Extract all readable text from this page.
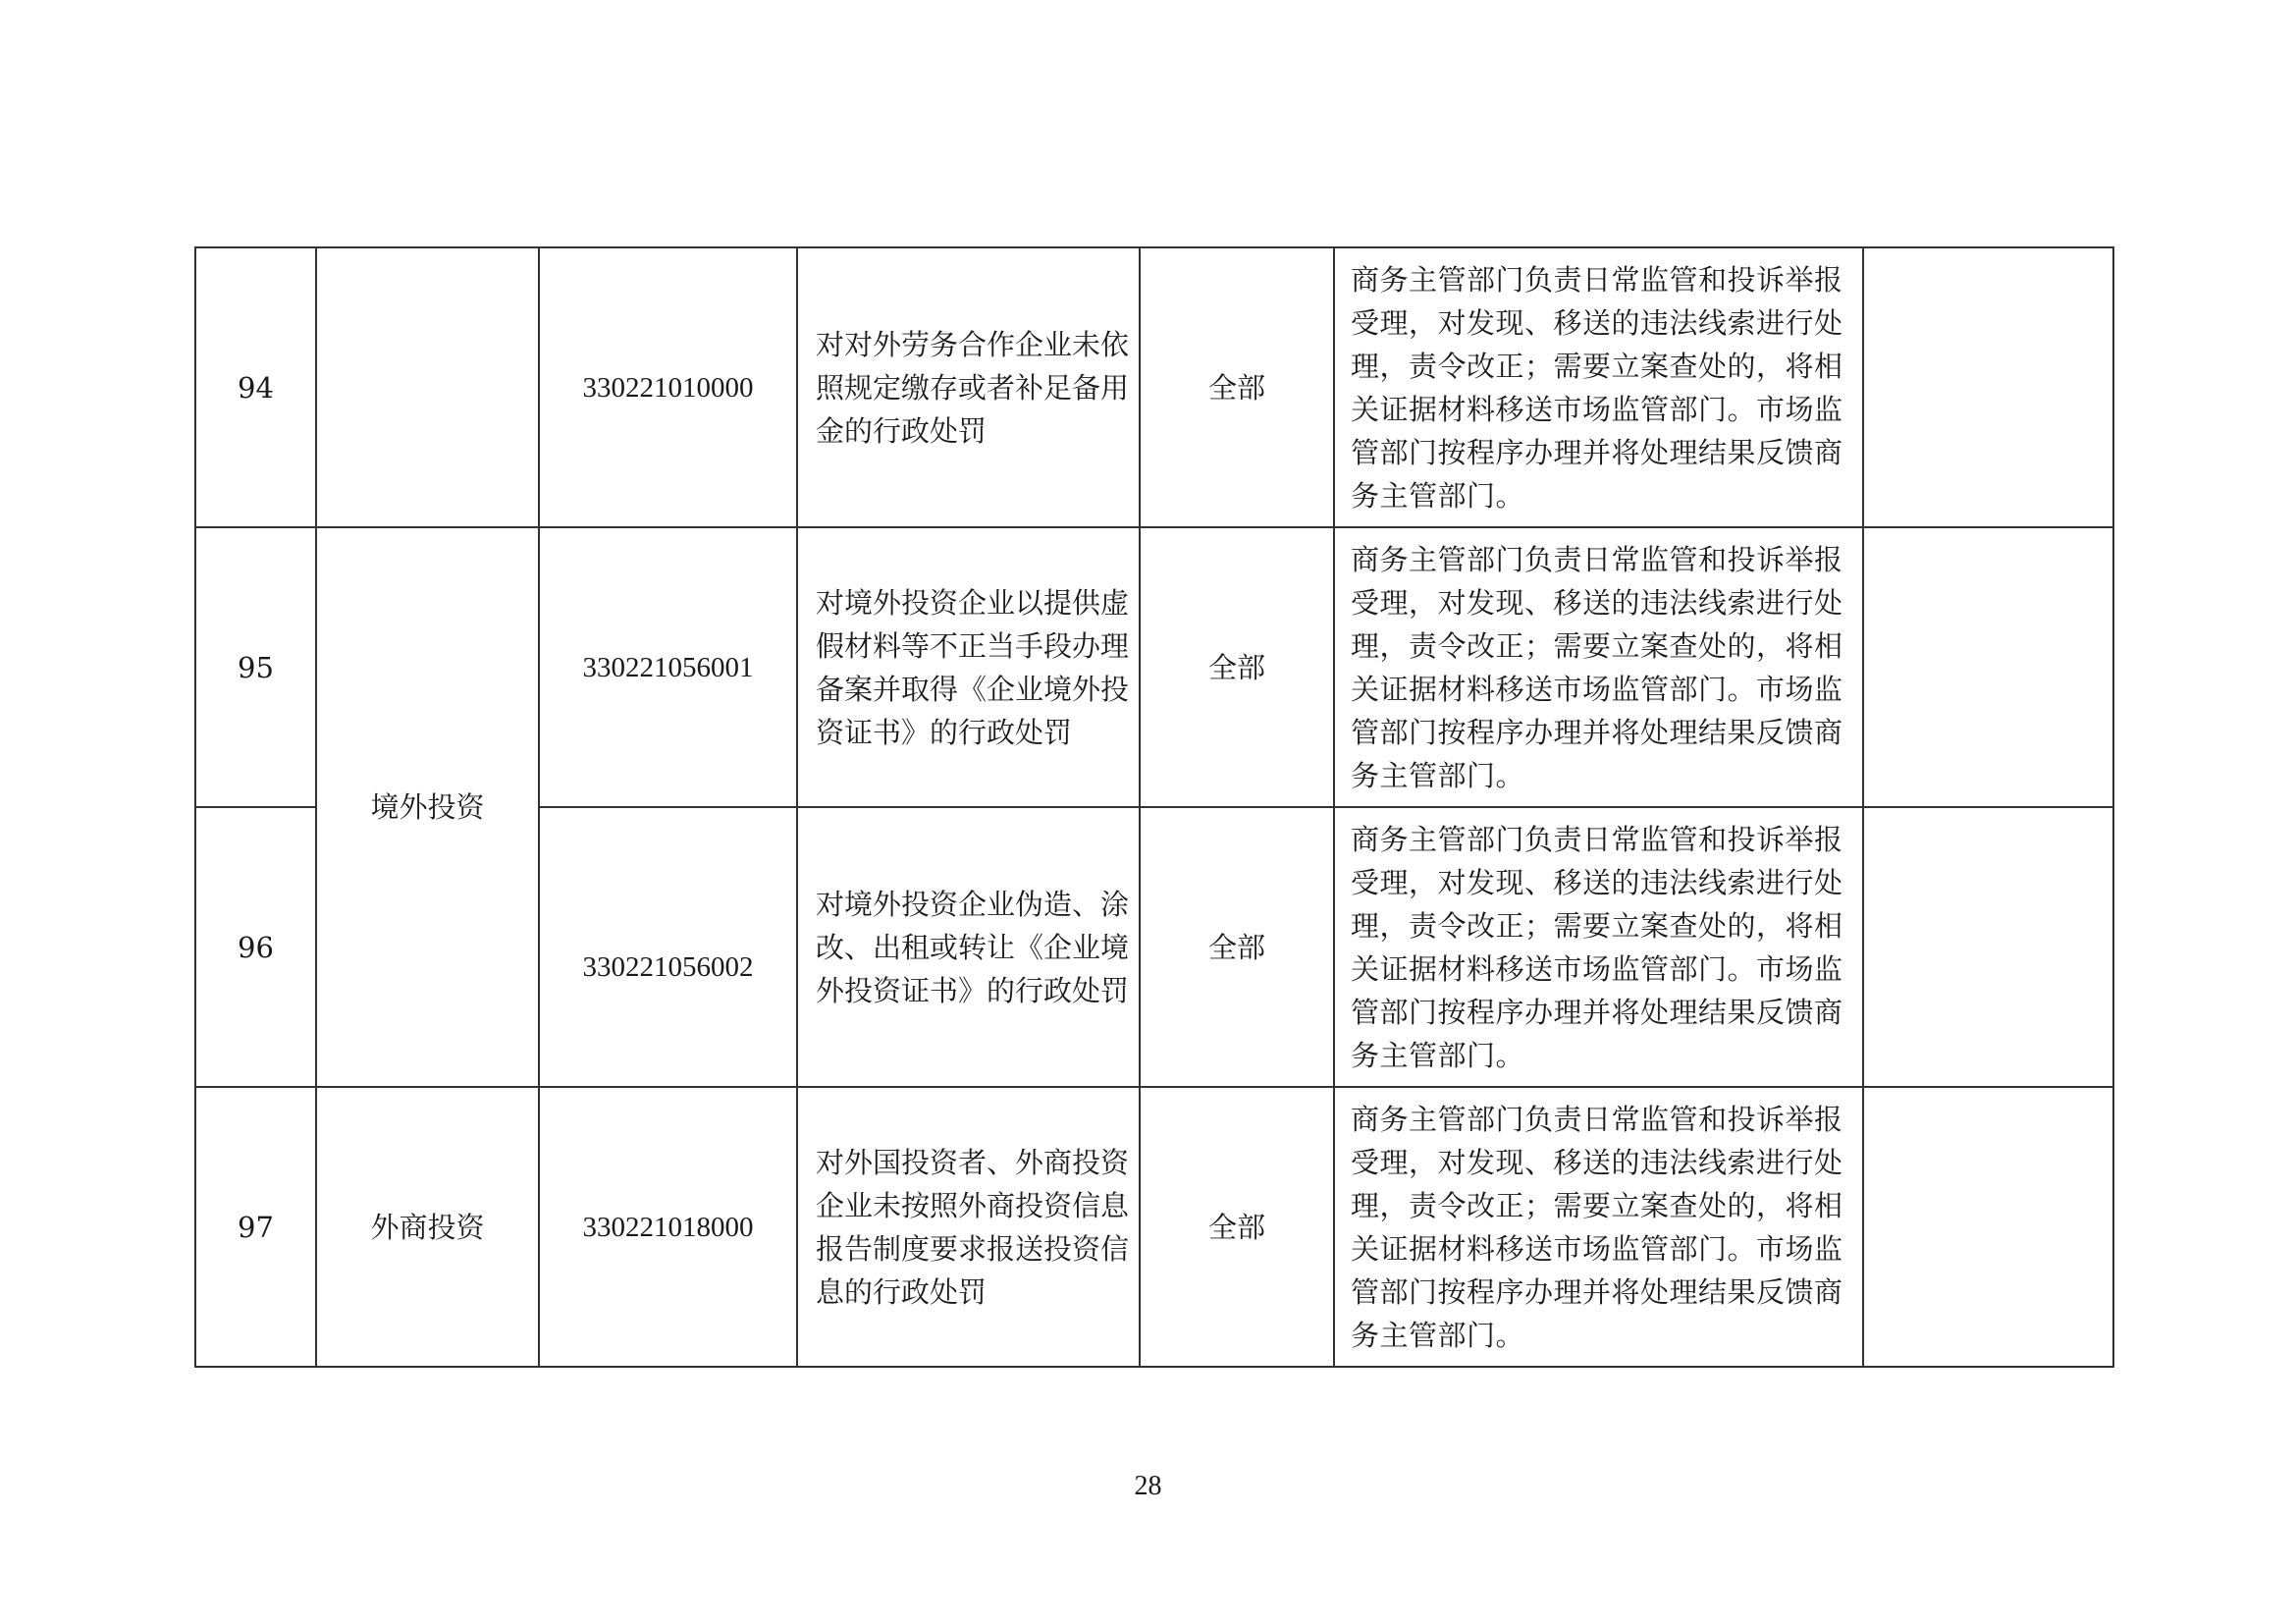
94		330221010000	对对外劳务合作企业未依照规定缴存或者补足备用金的行政处罚	全部	商务主管部门负责日常监管和投诉举报受理，对发现、移送的违法线索进行处理，责令改正；需要立案查处的，将相关证据材料移送市场监管部门。市场监管部门按程序办理并将处理结果反馈商务主管部门。	
95	境外投资	330221056001	对境外投资企业以提供虚假材料等不正当手段办理备案并取得《企业境外投资证书》的行政处罚	全部	商务主管部门负责日常监管和投诉举报受理，对发现、移送的违法线索进行处理，责令改正；需要立案查处的，将相关证据材料移送市场监管部门。市场监管部门按程序办理并将处理结果反馈商务主管部门。	
96		330221056002	对境外投资企业伪造、涂改、出租或转让《企业境外投资证书》的行政处罚	全部	商务主管部门负责日常监管和投诉举报受理，对发现、移送的违法线索进行处理，责令改正；需要立案查处的，将相关证据材料移送市场监管部门。市场监管部门按程序办理并将处理结果反馈商务主管部门。	
97	外商投资	330221018000	对外国投资者、外商投资企业未按照外商投资信息报告制度要求报送投资信息的行政处罚	全部	商务主管部门负责日常监管和投诉举报受理，对发现、移送的违法线索进行处理，责令改正；需要立案查处的，将相关证据材料移送市场监管部门。市场监管部门按程序办理并将处理结果反馈商务主管部门。	
28
